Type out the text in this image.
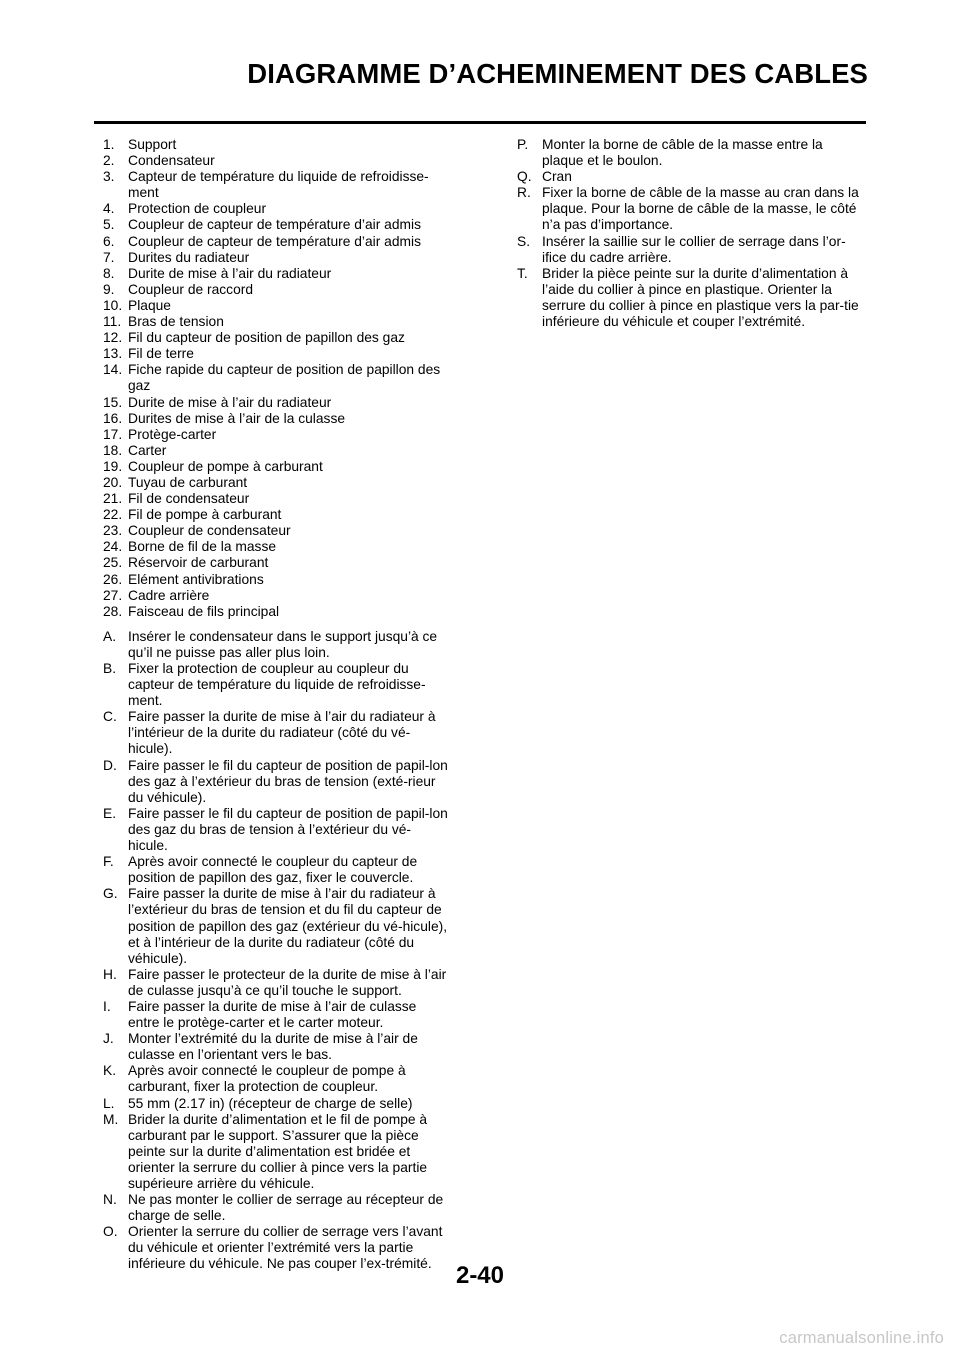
DIAGRAMME D’ACHEMINEMENT DES CABLES
1. Support
2. Condensateur
3. Capteur de température du liquide de refroidisse-ment
4. Protection de coupleur
5. Coupleur de capteur de température d’air admis
6. Coupleur de capteur de température d’air admis
7. Durites du radiateur
8. Durite de mise à l’air du radiateur
9. Coupleur de raccord
10. Plaque
11. Bras de tension
12. Fil du capteur de position de papillon des gaz
13. Fil de terre
14. Fiche rapide du capteur de position de papillon des gaz
15. Durite de mise à l’air du radiateur
16. Durites de mise à l’air de la culasse
17. Protège-carter
18. Carter
19. Coupleur de pompe à carburant
20. Tuyau de carburant
21. Fil de condensateur
22. Fil de pompe à carburant
23. Coupleur de condensateur
24. Borne de fil de la masse
25. Réservoir de carburant
26. Elément antivibrations
27. Cadre arrière
28. Faisceau de fils principal
A. Insérer le condensateur dans le support jusqu’à ce qu’il ne puisse pas aller plus loin.
B. Fixer la protection de coupleur au coupleur du capteur de température du liquide de refroidisse-ment.
C. Faire passer la durite de mise à l’air du radiateur à l’intérieur de la durite du radiateur (côté du vé-hicule).
D. Faire passer le fil du capteur de position de papil-lon des gaz à l’extérieur du bras de tension (exté-rieur du véhicule).
E. Faire passer le fil du capteur de position de papil-lon des gaz du bras de tension à l’extérieur du vé-hicule.
F. Après avoir connecté le coupleur du capteur de position de papillon des gaz, fixer le couvercle.
G. Faire passer la durite de mise à l’air du radiateur à l’extérieur du bras de tension et du fil du capteur de position de papillon des gaz (extérieur du vé-hicule), et à l’intérieur de la durite du radiateur (côté du véhicule).
H. Faire passer le protecteur de la durite de mise à l’air de culasse jusqu’à ce qu’il touche le support.
I. Faire passer la durite de mise à l’air de culasse entre le protège-carter et le carter moteur.
J. Monter l’extrémité du la durite de mise à l’air de culasse en l’orientant vers le bas.
K. Après avoir connecté le coupleur de pompe à carburant, fixer la protection de coupleur.
L. 55 mm (2.17 in) (récepteur de charge de selle)
M. Brider la durite d’alimentation et le fil de pompe à carburant par le support. S’assurer que la pièce peinte sur la durite d’alimentation est bridée et orienter la serrure du collier à pince vers la partie supérieure arrière du véhicule.
N. Ne pas monter le collier de serrage au récepteur de charge de selle.
O. Orienter la serrure du collier de serrage vers l’avant du véhicule et orienter l’extrémité vers la partie inférieure du véhicule. Ne pas couper l’ex-trémité.
P. Monter la borne de câble de la masse entre la plaque et le boulon.
Q. Cran
R. Fixer la borne de câble de la masse au cran dans la plaque. Pour la borne de câble de la masse, le côté n’a pas d’importance.
S. Insérer la saillie sur le collier de serrage dans l’or-ifice du cadre arrière.
T. Brider la pièce peinte sur la durite d’alimentation à l’aide du collier à pince en plastique. Orienter la serrure du collier à pince en plastique vers la par-tie inférieure du véhicule et couper l’extrémité.
2-40
carmanualsonline.info
